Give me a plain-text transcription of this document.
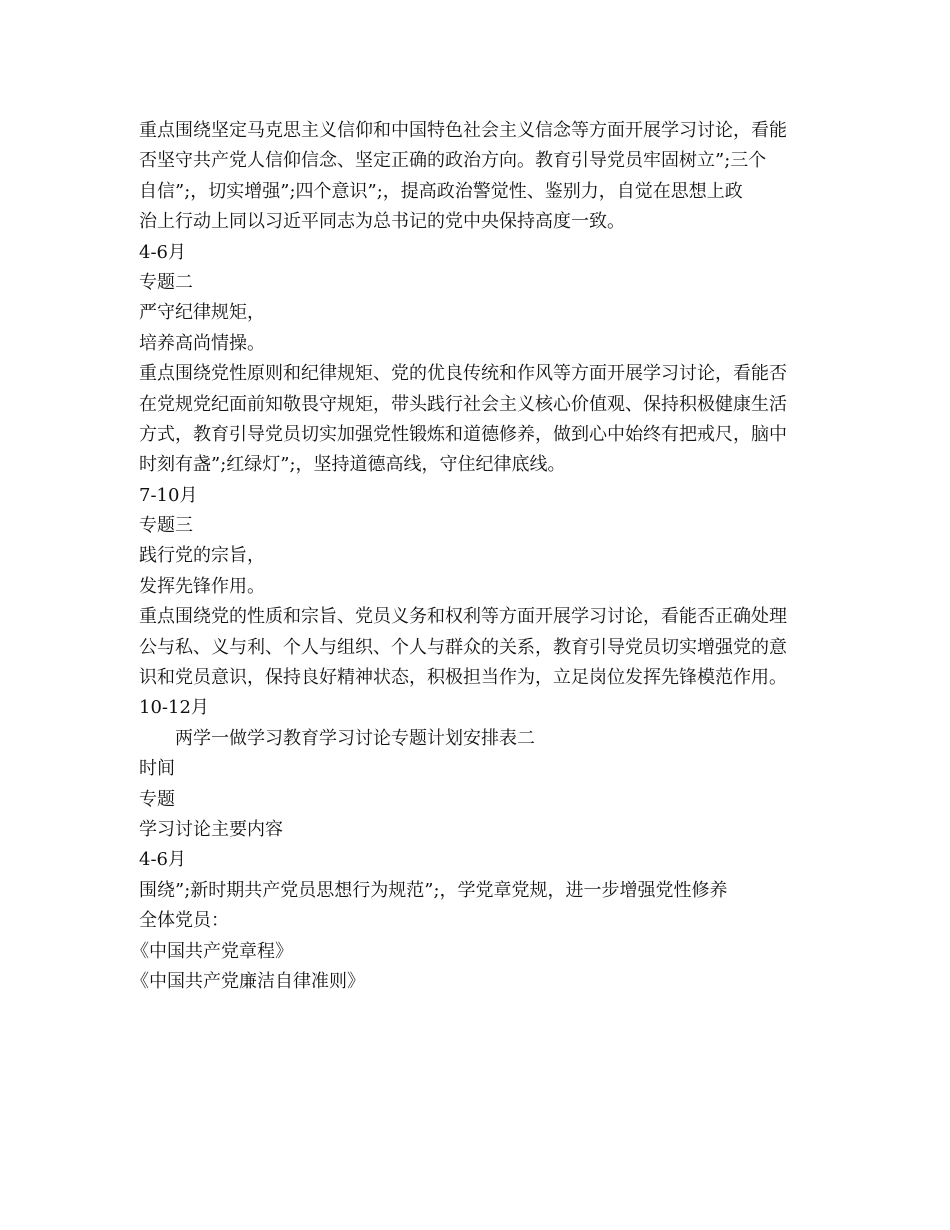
重点围绕坚定马克思主义信仰和中国特色社会主义信念等方面开展学习讨论，看能
否坚守共产党人信仰信念、坚定正确的政治方向。教育引导党员牢固树立”;三个
自信”;，切实增强”;四个意识”;，提高政治警觉性、鉴别力，自觉在思想上政
治上行动上同以习近平同志为总书记的党中央保持高度一致。
4-6月
专题二
严守纪律规矩，
培养高尚情操。
重点围绕党性原则和纪律规矩、党的优良传统和作风等方面开展学习讨论，看能否
在党规党纪面前知敬畏守规矩，带头践行社会主义核心价值观、保持积极健康生活
方式，教育引导党员切实加强党性锻炼和道德修养，做到心中始终有把戒尺，脑中
时刻有盏”;红绿灯”;，坚持道德高线，守住纪律底线。
7-10月
专题三
践行党的宗旨，
发挥先锋作用。
重点围绕党的性质和宗旨、党员义务和权利等方面开展学习讨论，看能否正确处理
公与私、义与利、个人与组织、个人与群众的关系，教育引导党员切实增强党的意
识和党员意识，保持良好精神状态，积极担当作为，立足岗位发挥先锋模范作用。
10-12月
两学一做学习教育学习讨论专题计划安排表二
时间
专题
学习讨论主要内容
4-6月
围绕”;新时期共产党员思想行为规范”;，学党章党规，进一步增强党性修养
全体党员：
《中国共产党章程》
《中国共产党廉洁自律准则》
